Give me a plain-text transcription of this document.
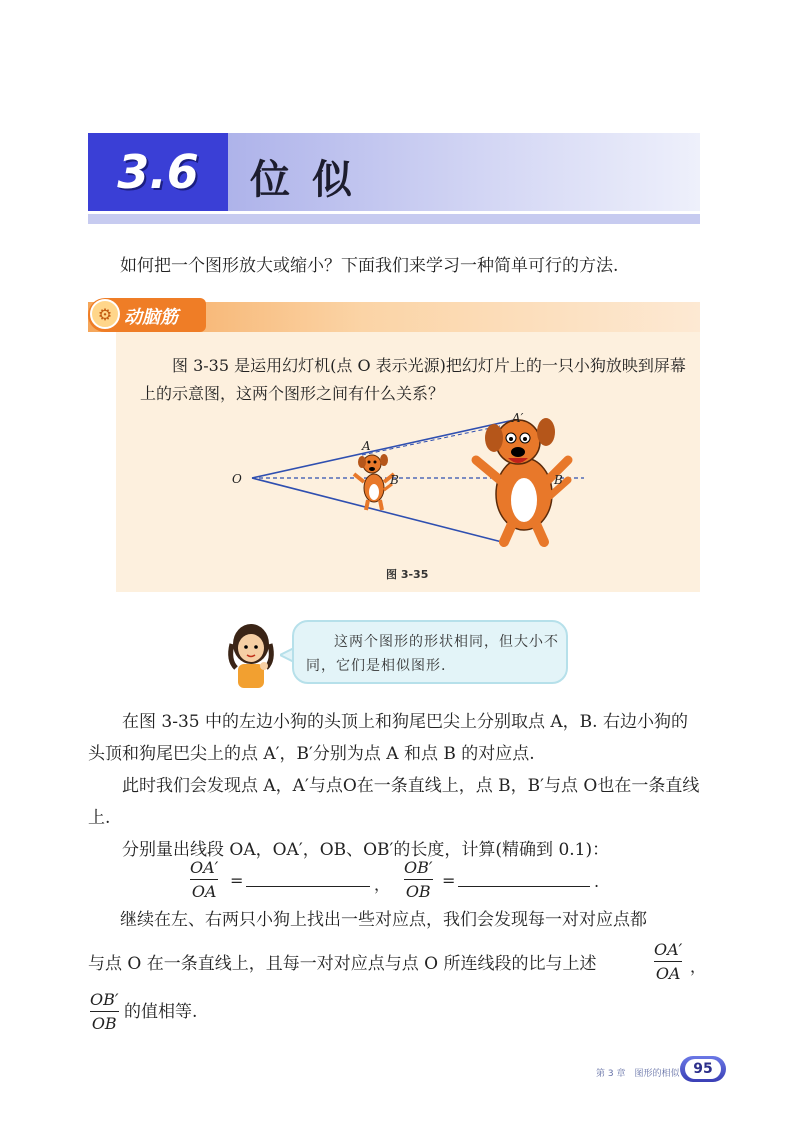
3.6	位似
如何把一个图形放大或缩小？下面我们来学习一种简单可行的方法.
⚙ 动脑筋
图 3-35 是运用幻灯机(点 O 表示光源)把幻灯片上的一只小狗放映到屏幕上的示意图，这两个图形之间有什么关系？
O
A
B
A′
B
图 3-35
这两个图形的形状相同，但大小不同，它们是相似图形.
在图 3-35 中的左边小狗的头顶上和狗尾巴尖上分别取点 A，B. 右边小狗的头顶和狗尾巴尖上的点 A′，B′分别为点 A 和点 B 的对应点.
此时我们会发现点 A，A′与点O在一条直线上，点 B，B′与点 O也在一条直线上.
分别量出线段 OA，OA′，OB、OB′的长度，计算(精确到 0.1)：
OA′
OA
=	，
OB′
OB
=	.
继续在左、右两只小狗上找出一些对应点，我们会发现每一对对应点都
与点 O 在一条直线上，且每一对对应点与点 O 所连线段的比与上述
OA′
OA ，
OB′
OB
的值相等.
第 3 章　图形的相似 95
